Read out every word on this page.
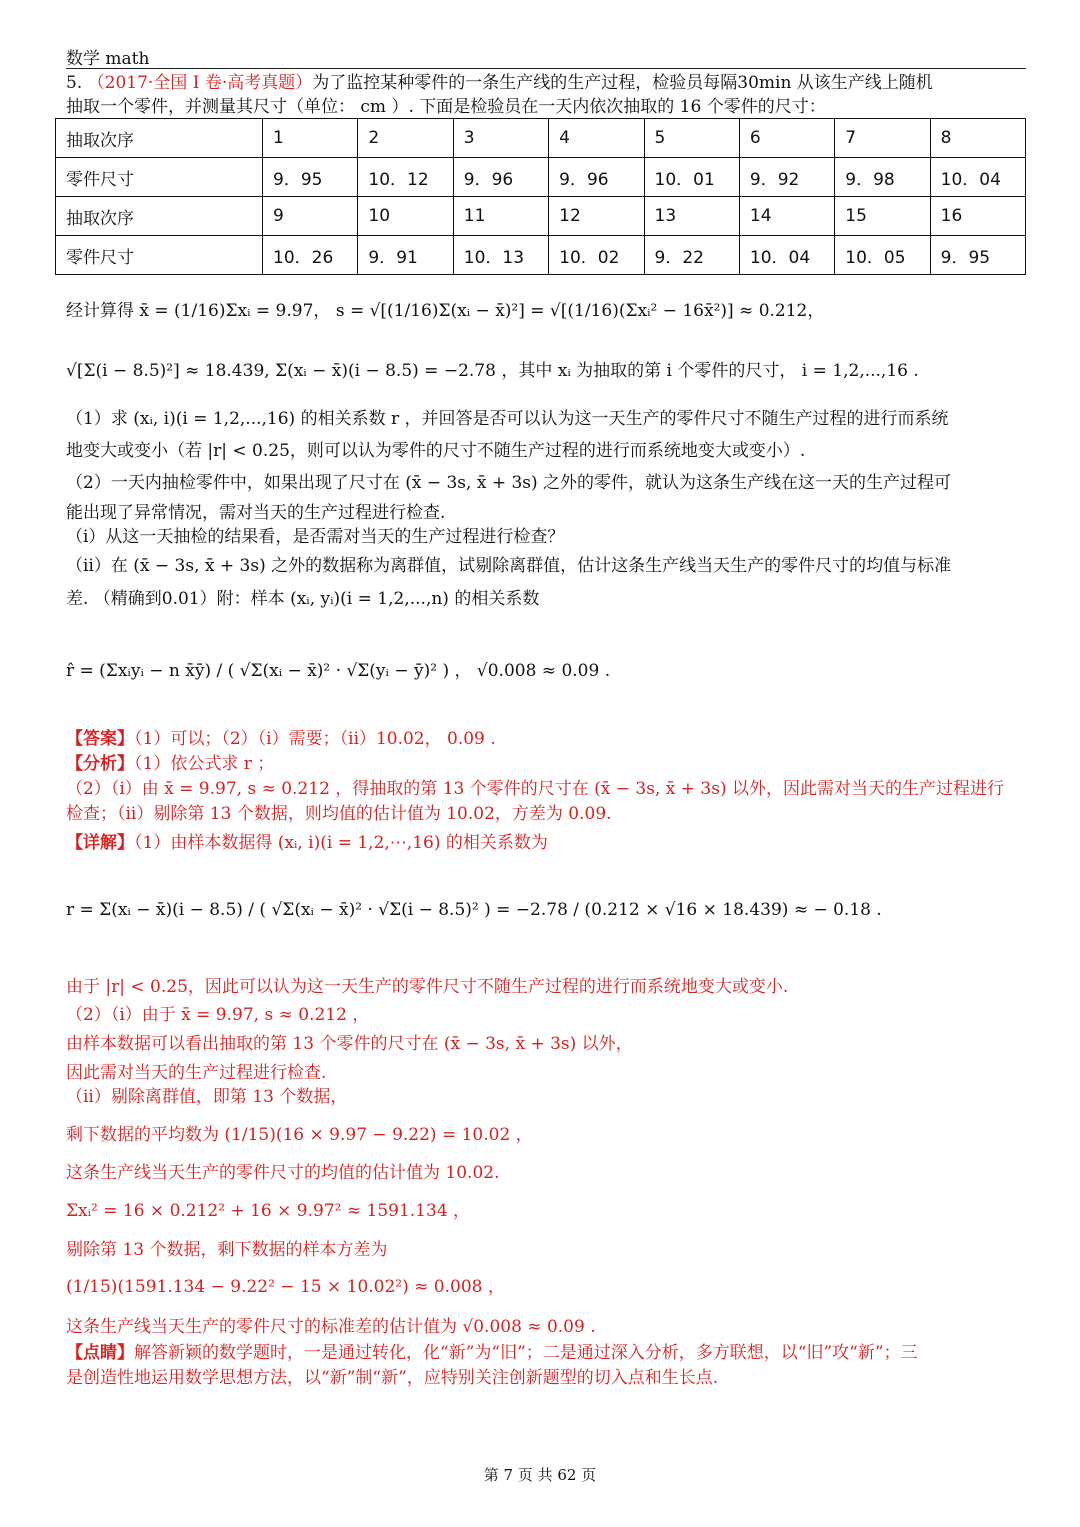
数学 math
5. （2017·全国 I 卷·高考真题）为了监控某种零件的一条生产线的生产过程，检验员每隔30min 从该生产线上随机
抽取一个零件，并测量其尺寸（单位： cm ）. 下面是检验员在一天内依次抽取的 16 个零件的尺寸：
抽取次序	1	2	3	4	5	6	7	8
零件尺寸	9．95	10．12	9．96	9．96	10．01	9．92	9．98	10．04
抽取次序	9	10	11	12	13	14	15	16
零件尺寸	10．26	9．91	10．13	10．02	9．22	10．04	10．05	9．95
经计算得 x̄ = (1/16)Σxᵢ = 9.97， s = √[(1/16)Σ(xᵢ − x̄)²] = √[(1/16)(Σxᵢ² − 16x̄²)] ≈ 0.212，
√[Σ(i − 8.5)²] ≈ 18.439, Σ(xᵢ − x̄)(i − 8.5) = −2.78 ，其中 xᵢ 为抽取的第 i 个零件的尺寸， i = 1,2,...,16 .
（1）求 (xᵢ, i)(i = 1,2,...,16) 的相关系数 r ，并回答是否可以认为这一天生产的零件尺寸不随生产过程的进行而系统
地变大或变小（若 |r| < 0.25，则可以认为零件的尺寸不随生产过程的进行而系统地变大或变小）.
（2）一天内抽检零件中，如果出现了尺寸在 (x̄ − 3s, x̄ + 3s) 之外的零件，就认为这条生产线在这一天的生产过程可
能出现了异常情况，需对当天的生产过程进行检查.
（ⅰ）从这一天抽检的结果看，是否需对当天的生产过程进行检查？
（ⅱ）在 (x̄ − 3s, x̄ + 3s) 之外的数据称为离群值，试剔除离群值，估计这条生产线当天生产的零件尺寸的均值与标准
差. （精确到0.01）附：样本 (xᵢ, yᵢ)(i = 1,2,...,n) 的相关系数
r̂ = (Σxᵢyᵢ − n x̄ȳ) / ( √Σ(xᵢ − x̄)² · √Σ(yᵢ − ȳ)² ) ， √0.008 ≈ 0.09 .
【答案】（1）可以；（2）（ⅰ）需要；（ⅱ）10.02， 0.09 .
【分析】（1）依公式求 r ；
（2）（i）由 x̄ = 9.97, s ≈ 0.212 ，得抽取的第 13 个零件的尺寸在 (x̄ − 3s, x̄ + 3s) 以外，因此需对当天的生产过程进行
检查；（ii）剔除第 13 个数据，则均值的估计值为 10.02，方差为 0.09.
【详解】（1）由样本数据得 (xᵢ, i)(i = 1,2,⋯,16) 的相关系数为
r = Σ(xᵢ − x̄)(i − 8.5) / ( √Σ(xᵢ − x̄)² · √Σ(i − 8.5)² ) = −2.78 / (0.212 × √16 × 18.439) ≈ − 0.18 .
由于 |r| < 0.25，因此可以认为这一天生产的零件尺寸不随生产过程的进行而系统地变大或变小.
（2）（i）由于 x̄ = 9.97, s ≈ 0.212 ，
由样本数据可以看出抽取的第 13 个零件的尺寸在 (x̄ − 3s, x̄ + 3s) 以外，
因此需对当天的生产过程进行检查.
（ii）剔除离群值，即第 13 个数据，
剩下数据的平均数为 (1/15)(16 × 9.97 − 9.22) = 10.02 ，
这条生产线当天生产的零件尺寸的均值的估计值为 10.02.
Σxᵢ² = 16 × 0.212² + 16 × 9.97² ≈ 1591.134 ，
剔除第 13 个数据，剩下数据的样本方差为
(1/15)(1591.134 − 9.22² − 15 × 10.02²) ≈ 0.008 ，
这条生产线当天生产的零件尺寸的标准差的估计值为 √0.008 ≈ 0.09 .
【点睛】解答新颖的数学题时，一是通过转化，化“新”为“旧”；二是通过深入分析，多方联想，以“旧”攻“新”；三
是创造性地运用数学思想方法，以“新”制“新”，应特别关注创新题型的切入点和生长点.
第 7 页 共 62 页
